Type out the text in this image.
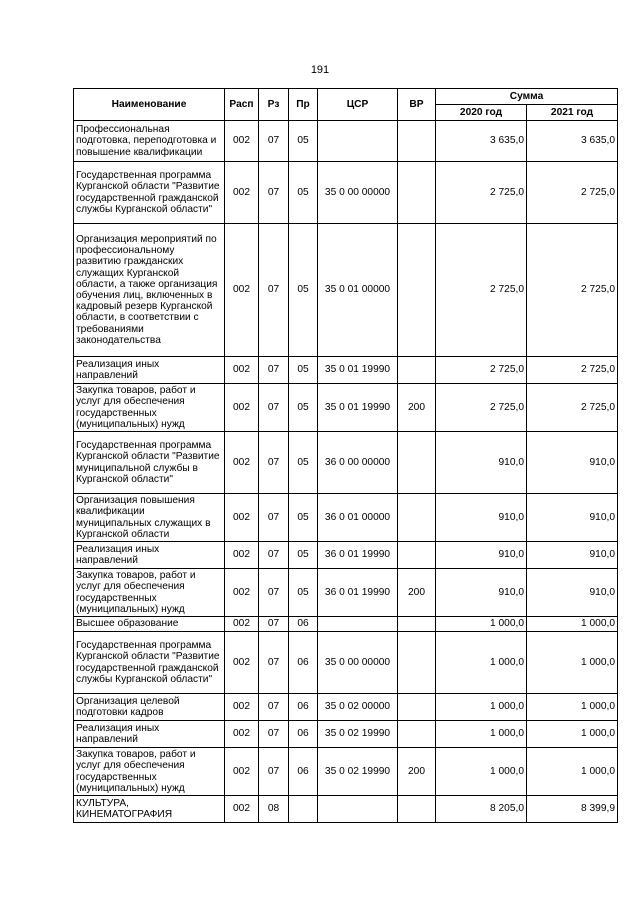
191
Наименование	Расп	Рз	Пр	ЦСР	ВР	Сумма	
						2020 год	2021 год
Профессиональная подготовка, переподготовка и повышение квалификации	002	07	05			3 635,0	3 635,0
Государственная программа Курганской области "Развитие государственной гражданской службы Курганской области"	002	07	05	35 0 00 00000		2 725,0	2 725,0
Организация мероприятий по профессиональному развитию гражданских служащих Курганской области, а также организация обучения лиц, включенных в кадровый резерв Курганской области, в соответствии с требованиями законодательства	002	07	05	35 0 01 00000		2 725,0	2 725,0
Реализация иных направлений	002	07	05	35 0 01 19990		2 725,0	2 725,0
Закупка товаров, работ и услуг для обеспечения государственных (муниципальных) нужд	002	07	05	35 0 01 19990	200	2 725,0	2 725,0
Государственная программа Курганской области "Развитие муниципальной службы в Курганской области"	002	07	05	36 0 00 00000		910,0	910,0
Организация повышения квалификации муниципальных служащих в Курганской области	002	07	05	36 0 01 00000		910,0	910,0
Реализация иных направлений	002	07	05	36 0 01 19990		910,0	910,0
Закупка товаров, работ и услуг для обеспечения государственных (муниципальных) нужд	002	07	05	36 0 01 19990	200	910,0	910,0
Высшее образование	002	07	06			1 000,0	1 000,0
Государственная программа Курганской области "Развитие государственной гражданской службы Курганской области"	002	07	06	35 0 00 00000		1 000,0	1 000,0
Организация целевой подготовки кадров	002	07	06	35 0 02 00000		1 000,0	1 000,0
Реализация иных направлений	002	07	06	35 0 02 19990		1 000,0	1 000,0
Закупка товаров, работ и услуг для обеспечения государственных (муниципальных) нужд	002	07	06	35 0 02 19990	200	1 000,0	1 000,0
КУЛЬТУРА, КИНЕМАТОГРАФИЯ	002	08				8 205,0	8 399,9
